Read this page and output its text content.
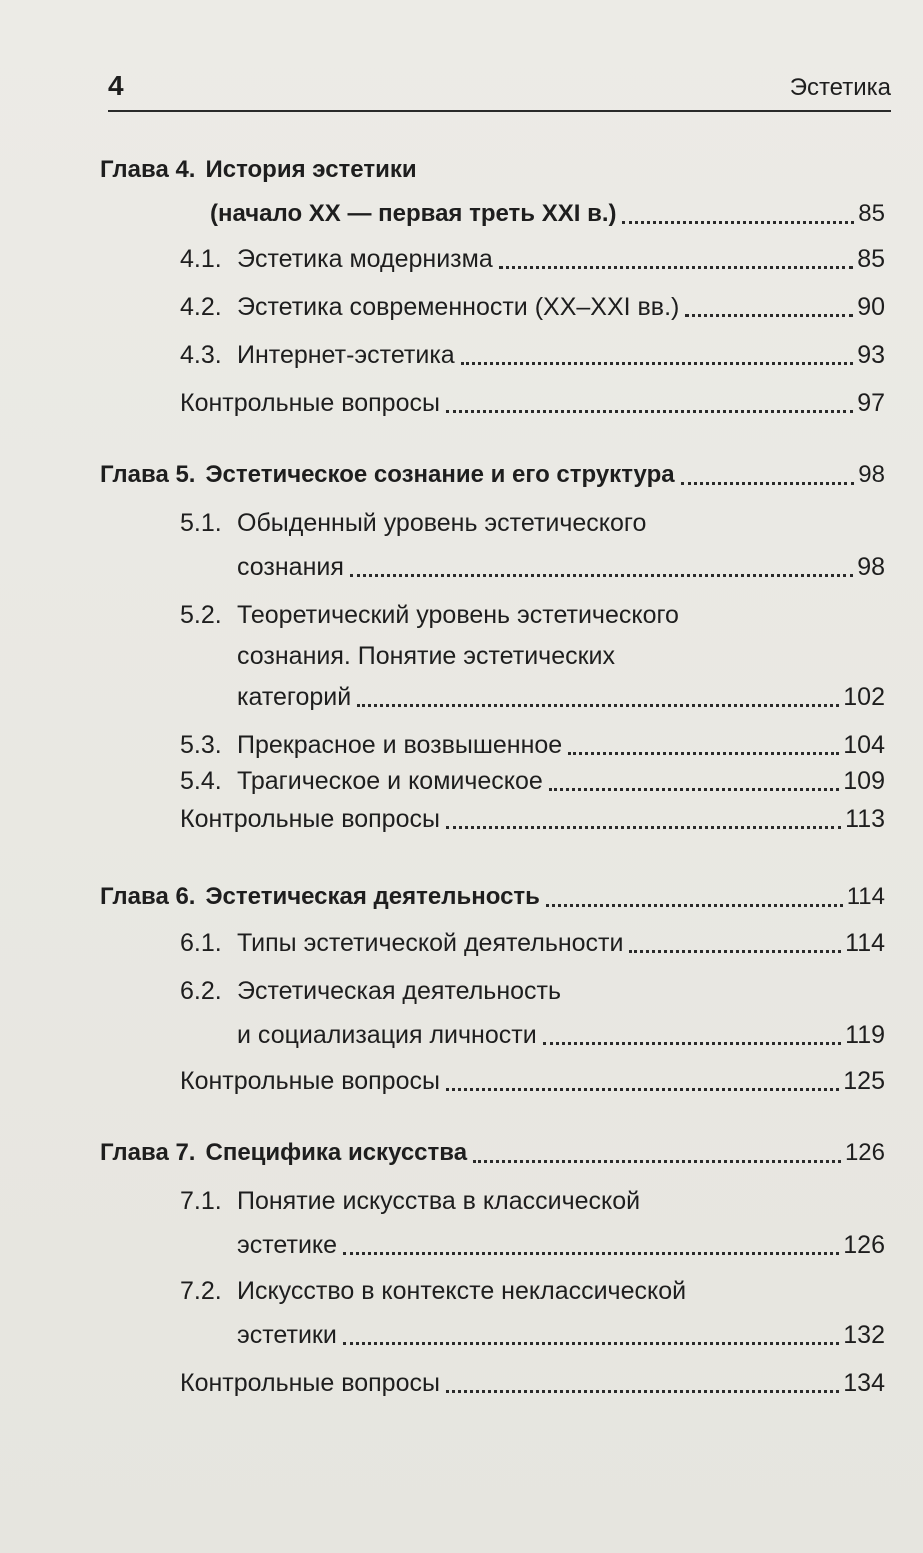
4	Эстетика
Глава 4. История эстетики
(начало XX — первая треть XXI в.)	85
4.1. Эстетика модернизма	85
4.2. Эстетика современности (XX–XXI вв.)	90
4.3. Интернет-эстетика	93
Контрольные вопросы	97
Глава 5. Эстетическое сознание и его структура	98
5.1. Обыденный уровень эстетического
сознания	98
5.2. Теоретический уровень эстетического
сознания. Понятие эстетических
категорий	102
5.3. Прекрасное и возвышенное	104
5.4. Трагическое и комическое	109
Контрольные вопросы	113
Глава 6. Эстетическая деятельность	114
6.1. Типы эстетической деятельности	114
6.2. Эстетическая деятельность
и социализация личности	119
Контрольные вопросы	125
Глава 7. Специфика искусства	126
7.1. Понятие искусства в классической
эстетике	126
7.2. Искусство в контексте неклассической
эстетики	132
Контрольные вопросы	134
